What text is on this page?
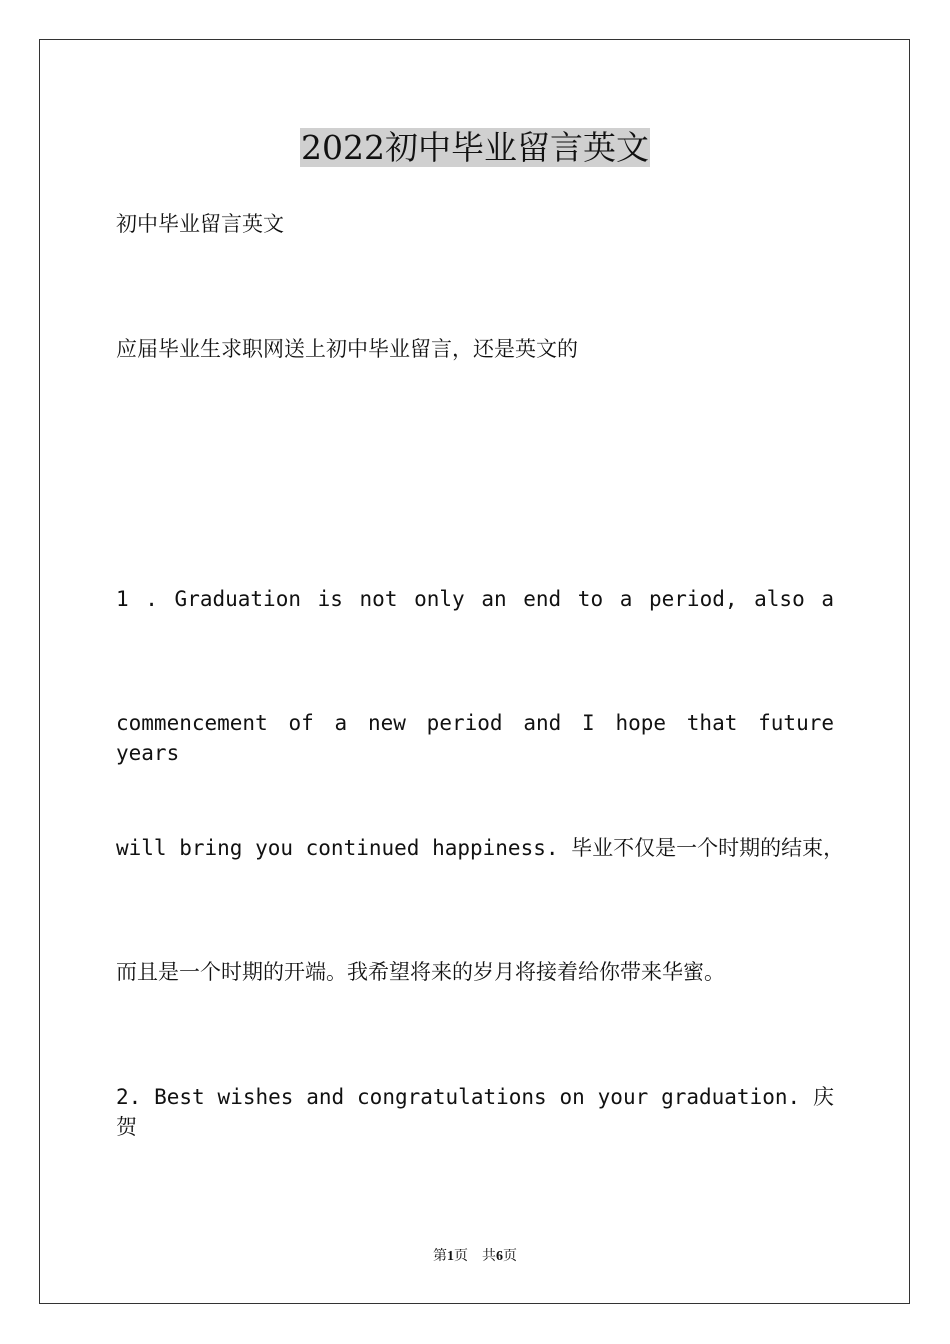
2022初中毕业留言英文
初中毕业留言英文
应届毕业生求职网送上初中毕业留言，还是英文的
1 . Graduation is not only an end to a period, also a
commencement of a new period and I hope that future years
will bring you continued happiness. 毕业不仅是一个时期的结束，
而且是一个时期的开端。我希望将来的岁月将接着给你带来华蜜。
2. Best wishes and congratulations on your graduation. 庆贺
第1页 共6页
